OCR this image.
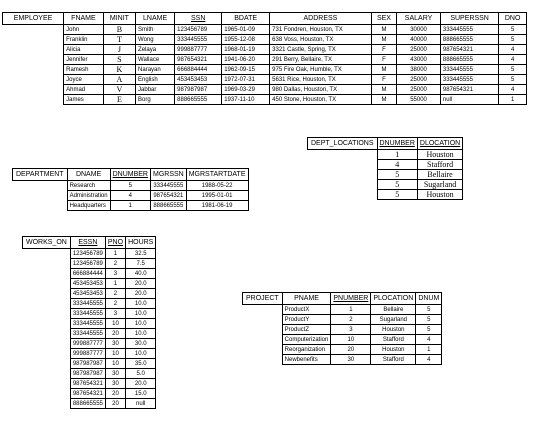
EMPLOYEE	FNAME	MINIT	LNAME	SSN	BDATE	ADDRESS	SEX	SALARY	SUPERSSN	DNO
	John	B	Smith	123456789	1965-01-09	731 Fondren, Houston, TX	M	30000	333445555	5
	Franklin	T	Wong	333445555	1955-12-08	638 Voss, Houston, TX	M	40000	888665555	5
	Alicia	J	Zelaya	999887777	1968-01-19	3321 Castle, Spring, TX	F	25000	987654321	4
	Jennifer	S	Wallace	987654321	1941-06-20	291 Berry, Bellaire, TX	F	43000	888665555	4
	Ramesh	K	Narayan	666884444	1962-09-15	975 Fire Oak, Humble, TX	M	38000	333445555	5
	Joyce	A	English	453453453	1972-07-31	5631 Rice, Houston, TX	F	25000	333445555	5
	Ahmad	V	Jabbar	987987987	1969-03-29	980 Dallas, Houston, TX	M	25000	987654321	4
	James	E	Borg	888665555	1937-11-10	450 Stone, Houston, TX	M	55000	null	1
DEPT_LOCATIONS	DNUMBER	DLOCATION
	1	Houston
	4	Stafford
	5	Bellaire
	5	Sugarland
	5	Houston
DEPARTMENT	DNAME	DNUMBER	MGRSSN	MGRSTARTDATE
	Research	5	333445555	1988-05-22
	Administration	4	987654321	1995-01-01
	Headquarters	1	888665555	1981-06-19
WORKS_ON	ESSN	PNO	HOURS
	123456789	1	32.5
	123456789	2	7.5
	666884444	3	40.0
	453453453	1	20.0
	453453453	2	20.0
	333445555	2	10.0
	333445555	3	10.0
	333445555	10	10.0
	333445555	20	10.0
	999887777	30	30.0
	999887777	10	10.0
	987987987	10	35.0
	987987987	30	5.0
	987654321	30	20.0
	987654321	20	15.0
	888665555	20	null
PROJECT	PNAME	PNUMBER	PLOCATION	DNUM
	ProductX	1	Bellaire	5
	ProductY	2	Sugarland	5
	ProductZ	3	Houston	5
	Computerization	10	Stafford	4
	Reorganization	20	Houston	1
	Newbenefits	30	Stafford	4
